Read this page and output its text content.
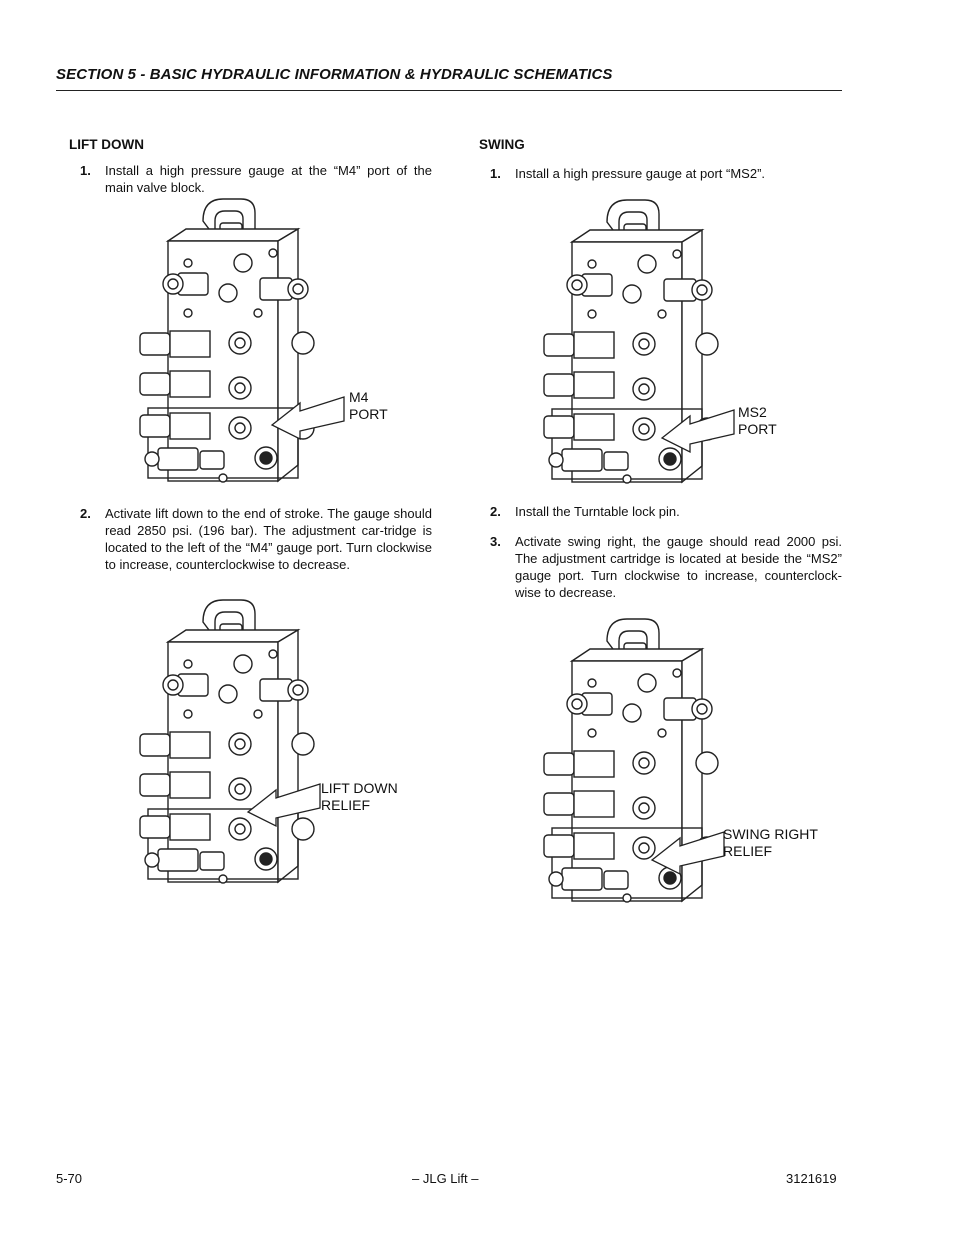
SECTION 5 - BASIC HYDRAULIC INFORMATION & HYDRAULIC SCHEMATICS
LIFT DOWN
1. Install a high pressure gauge at the “M4” port of the main valve block.
2. Activate lift down to the end of stroke. The gauge should read 2850 psi. (196 bar). The adjustment car-tridge is located to the left of the “M4” gauge port. Turn clockwise to increase, counterclockwise to decrease.
SWING
1. Install a high pressure gauge at port “MS2”.
2. Install the Turntable lock pin.
3. Activate swing right, the gauge should read 2000 psi. The adjustment cartridge is located at beside the “MS2” gauge port. Turn clockwise to increase, counterclock-wise to decrease.
M4
PORT
LIFT DOWN
RELIEF
MS2
PORT
SWING RIGHT
RELIEF
5-70	– JLG Lift –	3121619
